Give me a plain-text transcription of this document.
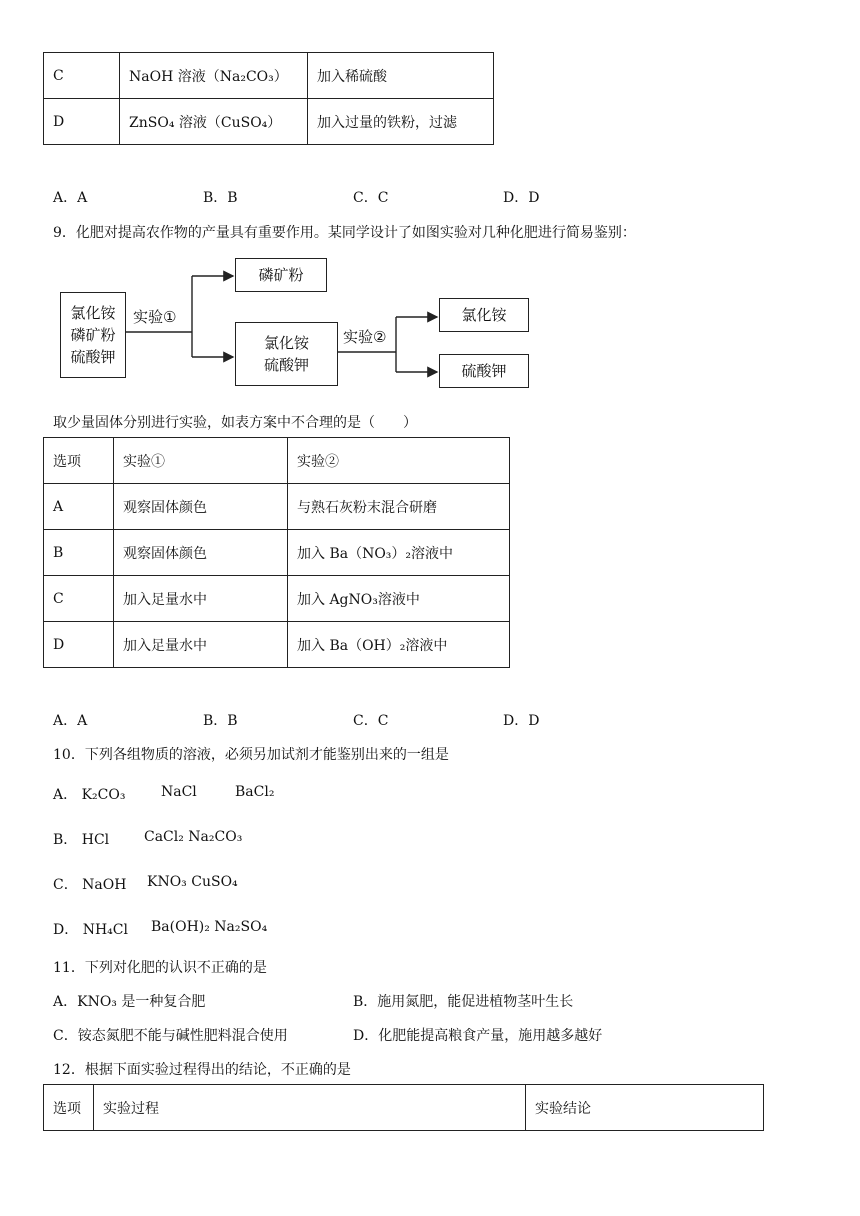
C	NaOH 溶液（Na₂CO₃）	加入稀硫酸
D	ZnSO₄ 溶液（CuSO₄）	加入过量的铁粉，过滤
A．A	B．B	C．C	D．D
9．化肥对提高农作物的产量具有重要作用。某同学设计了如图实验对几种化肥进行简易鉴别：
氯化铵
磷矿粉
硫酸钾
实验①
磷矿粉
氯化铵
硫酸钾
实验②
氯化铵
硫酸钾
取少量固体分别进行实验，如表方案中不合理的是（　　）
选项	实验①	实验②
A	观察固体颜色	与熟石灰粉末混合研磨
B	观察固体颜色	加入 Ba（NO₃）₂溶液中
C	加入足量水中	加入 AgNO₃溶液中
D	加入足量水中	加入 Ba（OH）₂溶液中
A．A	B．B	C．C	D．D
10．下列各组物质的溶液，必须另加试剂才能鉴别出来的一组是
A． K₂CO₃	NaCl	BaCl₂
B． HCl CaCl₂ Na₂CO₃
C． NaOH KNO₃ CuSO₄
D． NH₄Cl Ba(OH)₂ Na₂SO₄
11．下列对化肥的认识不正确的是
A．KNO₃ 是一种复合肥	B．施用氮肥，能促进植物茎叶生长
C．铵态氮肥不能与碱性肥料混合使用	D．化肥能提高粮食产量，施用越多越好
12．根据下面实验过程得出的结论，不正确的是
选项	实验过程	实验结论
